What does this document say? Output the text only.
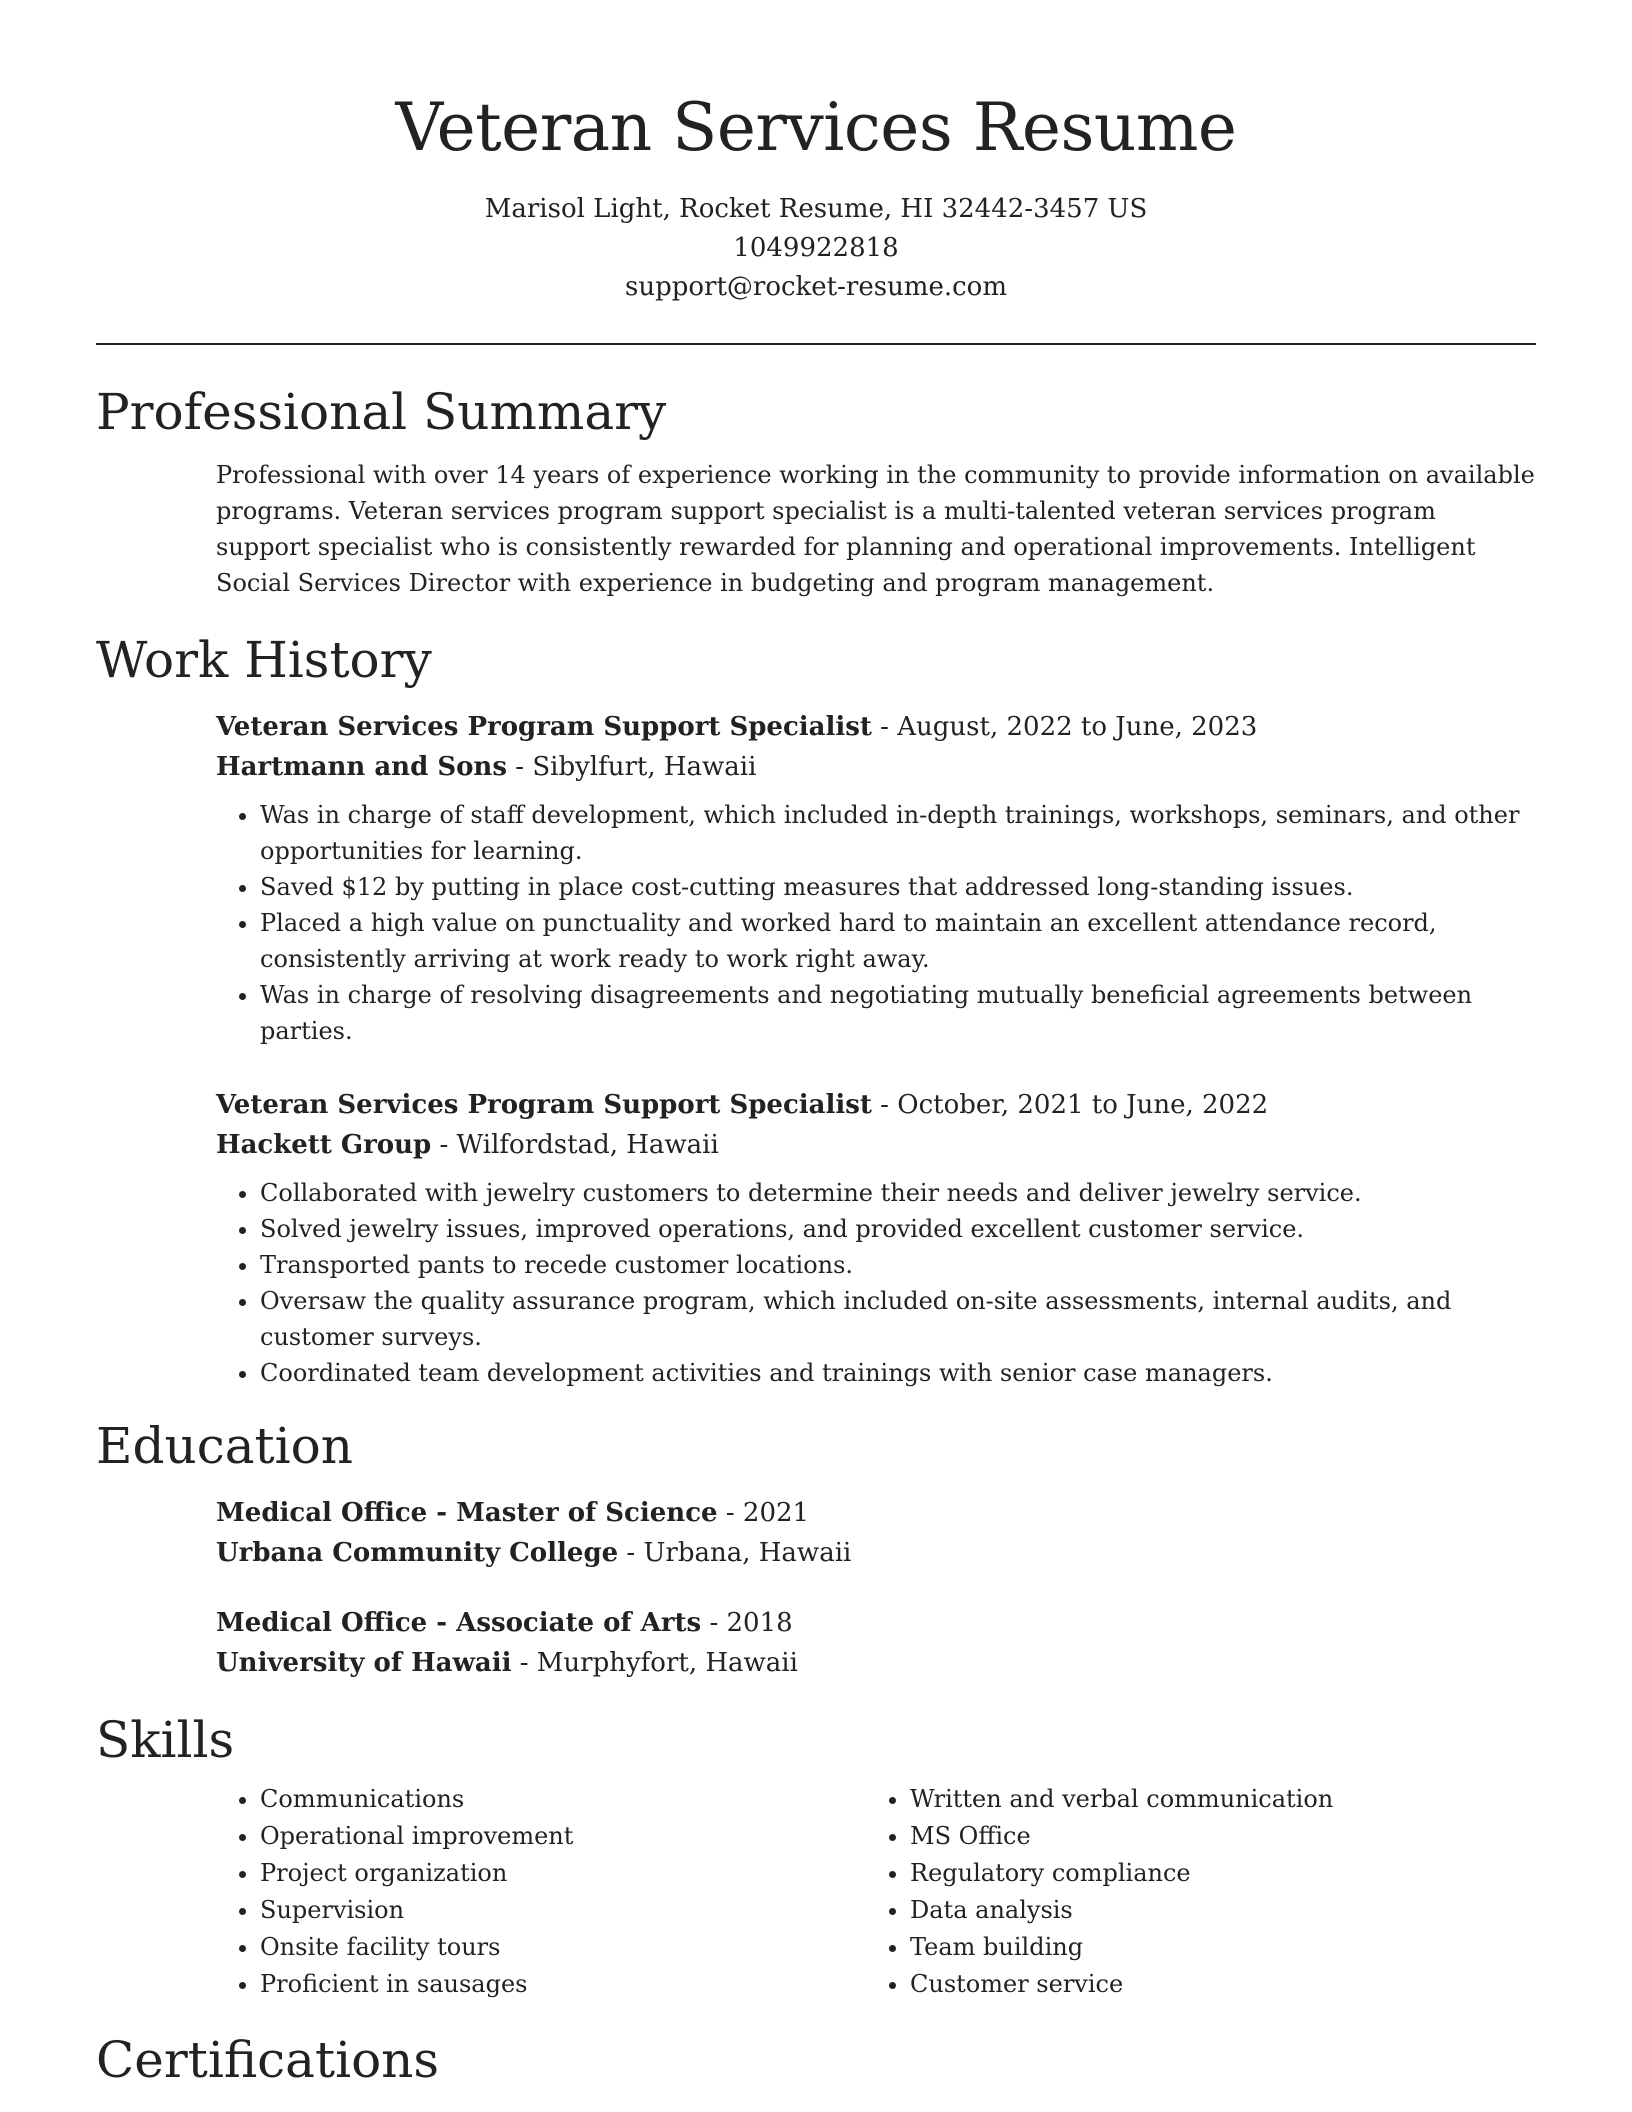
Veteran Services Resume
Marisol Light, Rocket Resume, HI 32442-3457 US
1049922818
support@rocket-resume.com
Professional Summary

Professional with over 14 years of experience working in the community to provide information on available programs. Veteran services program support specialist is a multi-talented veteran services program support specialist who is consistently rewarded for planning and operational improvements. Intelligent Social Services Director with experience in budgeting and program management.

Work History
Veteran Services Program Support Specialist - August, 2022 to June, 2023
Hartmann and Sons - Sibylfurt, Hawaii
• Was in charge of staff development, which included in-depth trainings, workshops, seminars, and other opportunities for learning.
• Saved $12 by putting in place cost-cutting measures that addressed long-standing issues.
• Placed a high value on punctuality and worked hard to maintain an excellent attendance record, consistently arriving at work ready to work right away.
• Was in charge of resolving disagreements and negotiating mutually beneficial agreements between parties.
Veteran Services Program Support Specialist - October, 2021 to June, 2022
Hackett Group - Wilfordstad, Hawaii
• Collaborated with jewelry customers to determine their needs and deliver jewelry service.
• Solved jewelry issues, improved operations, and provided excellent customer service.
• Transported pants to recede customer locations.
• Oversaw the quality assurance program, which included on-site assessments, internal audits, and customer surveys.
• Coordinated team development activities and trainings with senior case managers.
Education
Medical Office - Master of Science - 2021
Urbana Community College - Urbana, Hawaii
Medical Office - Associate of Arts - 2018
University of Hawaii - Murphyfort, Hawaii
Skills
• Communications
• Operational improvement
• Project organization
• Supervision
• Onsite facility tours
• Proficient in sausages
• Written and verbal communication
• MS Office
• Regulatory compliance
• Data analysis
• Team building
• Customer service
Certifications
